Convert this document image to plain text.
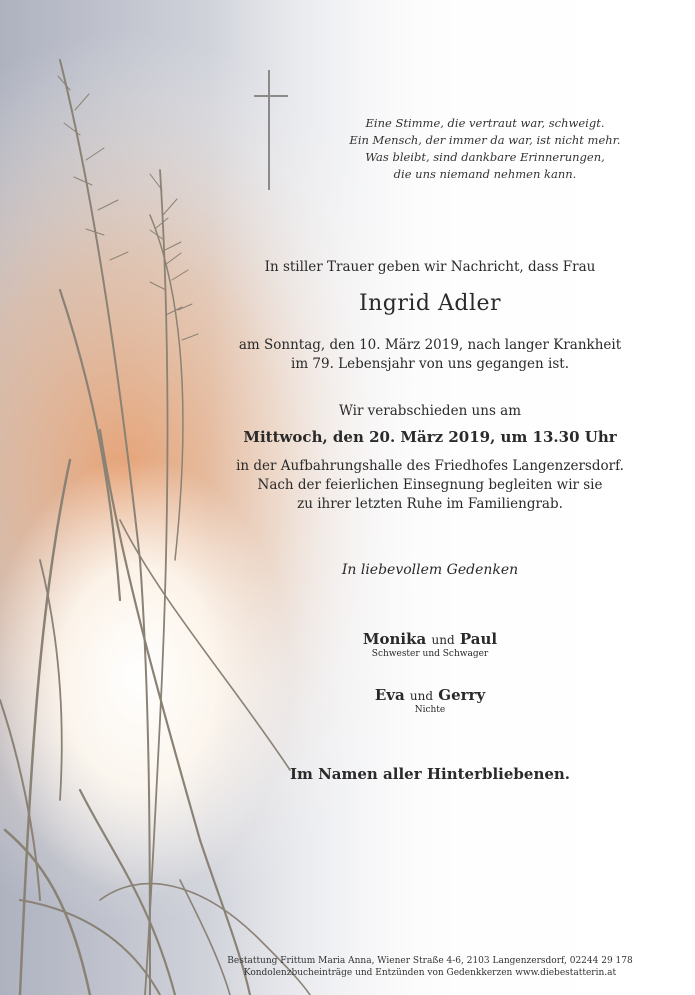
Eine Stimme, die vertraut war, schweigt.
Ein Mensch, der immer da war, ist nicht mehr.
Was bleibt, sind dankbare Erinnerungen,
die uns niemand nehmen kann.
In stiller Trauer geben wir Nachricht, dass Frau
Ingrid Adler
am Sonntag, den 10. März 2019, nach langer Krankheit
im 79. Lebensjahr von uns gegangen ist.
Wir verabschieden uns am
Mittwoch, den 20. März 2019, um 13.30 Uhr
in der Aufbahrungshalle des Friedhofes Langenzersdorf.
Nach der feierlichen Einsegnung begleiten wir sie
zu ihrer letzten Ruhe im Familiengrab.
In liebevollem Gedenken
Monika und Paul
Schwester und Schwager
Eva und Gerry
Nichte
Im Namen aller Hinterbliebenen.
Bestattung Frittum Maria Anna, Wiener Straße 4-6, 2103 Langenzersdorf, 02244 29 178
Kondolenzbucheinträge und Entzünden von Gedenkkerzen www.diebestatterin.at
